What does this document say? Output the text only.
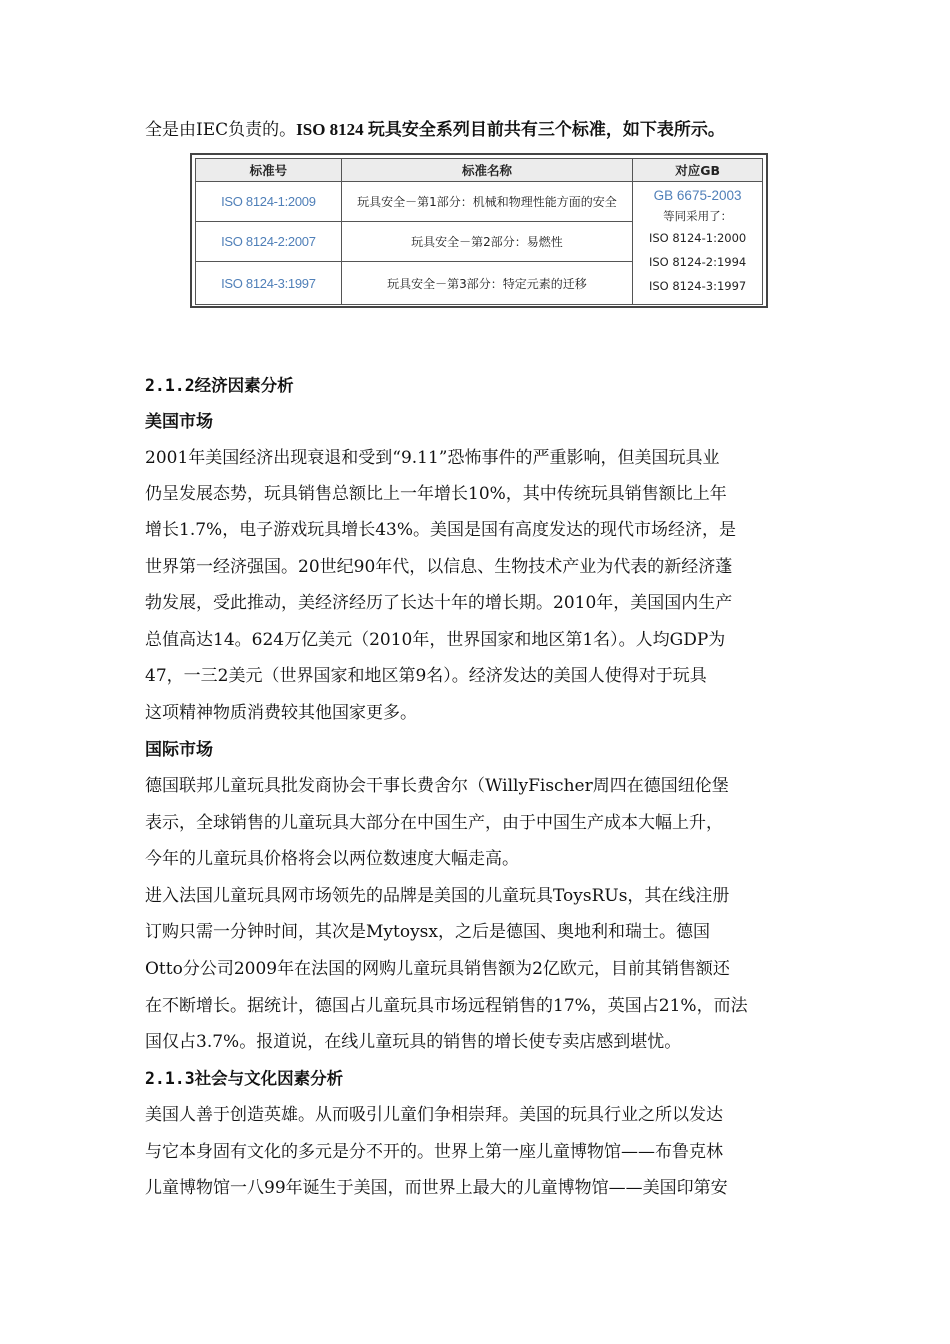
全是由IEC负责的。ISO 8124 玩具安全系列目前共有三个标准，如下表所示。
标准号	标准名称	对应GB
ISO 8124-1:2009	玩具安全－第1部分：机械和物理性能方面的安全	GB 6675-2003
等同采用了：
ISO 8124-1:2000
ISO 8124-2:1994
ISO 8124-3:1997

ISO 8124-2:2007	玩具安全－第2部分：易燃性	
ISO 8124-3:1997	玩具安全－第3部分：特定元素的迁移	
2.1.2经济因素分析
美国市场
2001年美国经济出现衰退和受到“9.11”恐怖事件的严重影响，但美国玩具业
仍呈发展态势，玩具销售总额比上一年增长10%，其中传统玩具销售额比上年
增长1.7%，电子游戏玩具增长43%。美国是国有高度发达的现代市场经济，是
世界第一经济强国。20世纪90年代，以信息、生物技术产业为代表的新经济蓬
勃发展，受此推动，美经济经历了长达十年的增长期。2010年，美国国内生产
总值高达14。624万亿美元（2010年，世界国家和地区第1名）。人均GDP为
47，一三2美元（世界国家和地区第9名）。经济发达的美国人使得对于玩具
这项精神物质消费较其他国家更多。
国际市场
德国联邦儿童玩具批发商协会干事长费舍尔（WillyFischer周四在德国纽伦堡
表示，全球销售的儿童玩具大部分在中国生产，由于中国生产成本大幅上升，
今年的儿童玩具价格将会以两位数速度大幅走高。
进入法国儿童玩具网市场领先的品牌是美国的儿童玩具ToysRUs，其在线注册
订购只需一分钟时间，其次是Mytoysx，之后是德国、奥地利和瑞士。德国
Otto分公司2009年在法国的网购儿童玩具销售额为2亿欧元，目前其销售额还
在不断增长。据统计，德国占儿童玩具市场远程销售的17%，英国占21%，而法
国仅占3.7%。报道说，在线儿童玩具的销售的增长使专卖店感到堪忧。
2.1.3社会与文化因素分析
美国人善于创造英雄。从而吸引儿童们争相崇拜。美国的玩具行业之所以发达
与它本身固有文化的多元是分不开的。世界上第一座儿童博物馆——布鲁克林
儿童博物馆一八99年诞生于美国，而世界上最大的儿童博物馆——美国印第安
